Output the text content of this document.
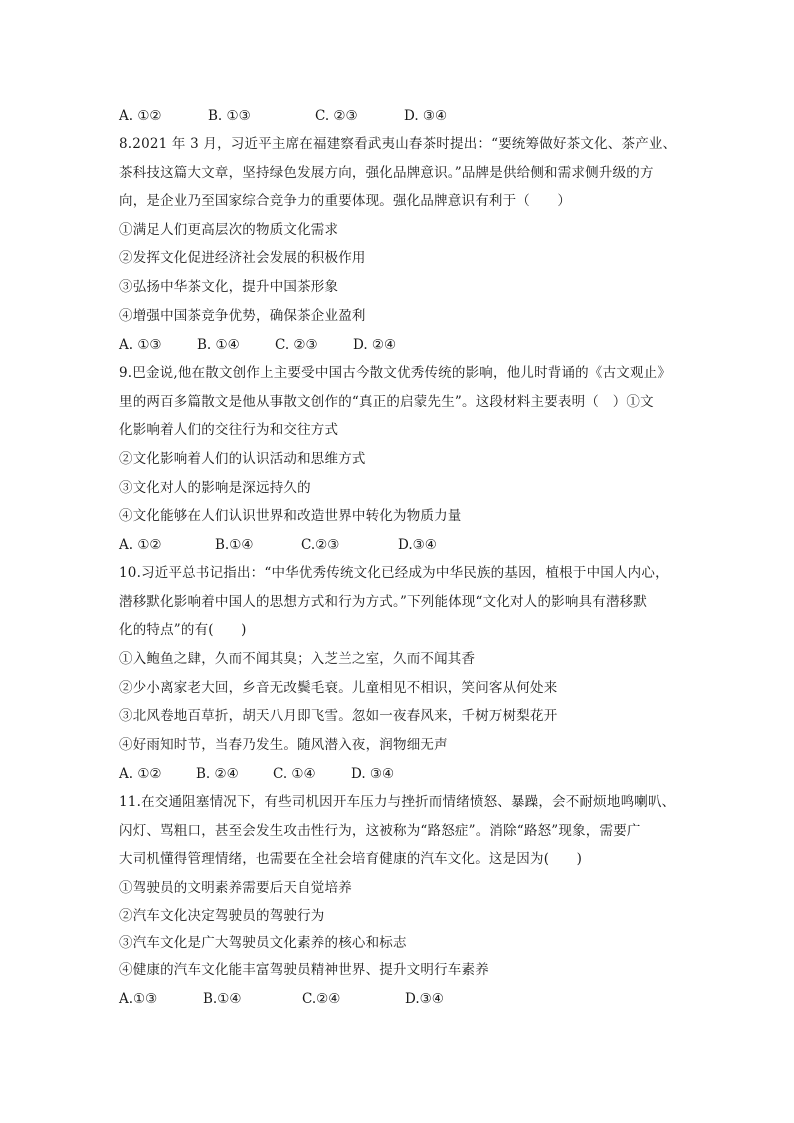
A. ①②	B. ①③	C. ②③	D. ③④
8.2021 年 3 月，习近平主席在福建察看武夷山春茶时提出：“要统筹做好茶文化、茶产业、
茶科技这篇大文章，坚持绿色发展方向，强化品牌意识。”品牌是供给侧和需求侧升级的方
向，是企业乃至国家综合竞争力的重要体现。强化品牌意识有利于（　　）
①满足人们更高层次的物质文化需求
②发挥文化促进经济社会发展的积极作用
③弘扬中华茶文化，提升中国茶形象
④增强中国茶竞争优势，确保茶企业盈利
A. ①③	B. ①④	C. ②③	D. ②④
9.巴金说,他在散文创作上主要受中国古今散文优秀传统的影响，他儿时背诵的《古文观止》
里的两百多篇散文是他从事散文创作的“真正的启蒙先生”。这段材料主要表明（　）①文
化影响着人们的交往行为和交往方式
②文化影响着人们的认识活动和思维方式
③文化对人的影响是深远持久的
④文化能够在人们认识世界和改造世界中转化为物质力量
A. ①②	B.①④	C.②③	D.③④
10.习近平总书记指出：“中华优秀传统文化已经成为中华民族的基因，植根于中国人内心，
潜移默化影响着中国人的思想方式和行为方式。”下列能体现“文化对人的影响具有潜移默
化的特点”的有(　　)
①入鲍鱼之肆，久而不闻其臭；入芝兰之室，久而不闻其香
②少小离家老大回，乡音无改鬓毛衰。儿童相见不相识，笑问客从何处来
③北风卷地百草折，胡天八月即飞雪。忽如一夜春风来，千树万树梨花开
④好雨知时节，当春乃发生。随风潜入夜，润物细无声
A. ①②	B. ②④	C. ①④	D. ③④
11.在交通阻塞情况下，有些司机因开车压力与挫折而情绪愤怒、暴躁，会不耐烦地鸣喇叭、
闪灯、骂粗口，甚至会发生攻击性行为，这被称为“路怒症”。消除“路怒”现象，需要广
大司机懂得管理情绪，也需要在全社会培育健康的汽车文化。这是因为(　　)
①驾驶员的文明素养需要后天自觉培养
②汽车文化决定驾驶员的驾驶行为
③汽车文化是广大驾驶员文化素养的核心和标志
④健康的汽车文化能丰富驾驶员精神世界、提升文明行车素养
A.①③	B.①④	C.②④	D.③④
